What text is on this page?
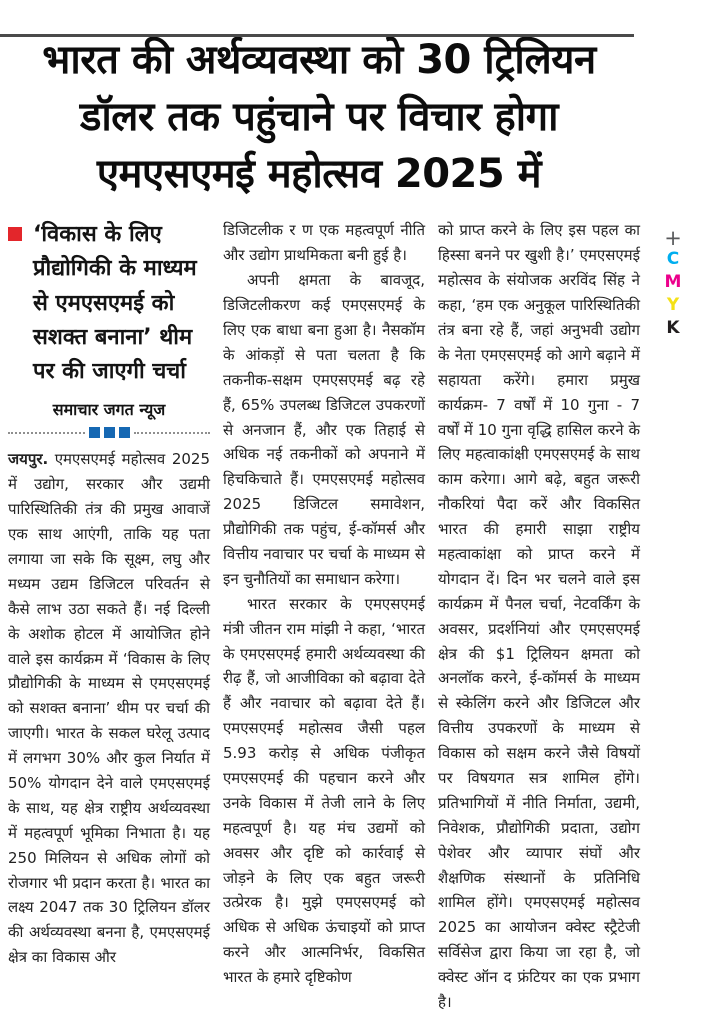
भारत की अर्थव्यवस्था को 30 ट्रिलियन
डॉलर तक पहुंचाने पर विचार होगा
एमएसएमई महोत्सव 2025 में
‘विकास के लिए प्रौद्योगिकी के माध्यम से एमएसएमई को सशक्त बनाना’ थीम पर की जाएगी चर्चा
समाचार जगत न्यूज

जयपुर. एमएसएमई महोत्सव 2025 में उद्योग, सरकार और उद्यमी पारिस्थितिकी तंत्र की प्रमुख आवाजें एक साथ आएंगी, ताकि यह पता लगाया जा सके कि सूक्ष्म, लघु और मध्यम उद्यम डिजिटल परिवर्तन से कैसे लाभ उठा सकते हैं। नई दिल्ली के अशोक होटल में आयोजित होने वाले इस कार्यक्रम में ‘विकास के लिए प्रौद्योगिकी के माध्यम से एमएसएमई को सशक्त बनाना’ थीम पर चर्चा की जाएगी। भारत के सकल घरेलू उत्पाद में लगभग 30% और कुल निर्यात में 50% योगदान देने वाले एमएसएमई के साथ, यह क्षेत्र राष्ट्रीय अर्थव्यवस्था में महत्वपूर्ण भूमिका निभाता है। यह 250 मिलियन से अधिक लोगों को रोजगार भी प्रदान करता है। भारत का लक्ष्य 2047 तक 30 ट्रिलियन डॉलर की अर्थव्यवस्था बनना है, एमएसएमई क्षेत्र का विकास और

डिजिटलीक र ण एक महत्वपूर्ण नीति और उद्योग प्राथमिकता बनी हुई है।

अपनी क्षमता के बावजूद, डिजिटलीकरण कई एमएसएमई के लिए एक बाधा बना हुआ है। नैसकॉम के आंकड़ों से पता चलता है कि तकनीक-सक्षम एमएसएमई बढ़ रहे हैं, 65% उपलब्ध डिजिटल उपकरणों से अनजान हैं, और एक तिहाई से अधिक नई तकनीकों को अपनाने में हिचकिचाते हैं। एमएसएमई महोत्सव 2025 डिजिटल समावेशन, प्रौद्योगिकी तक पहुंच, ई-कॉमर्स और वित्तीय नवाचार पर चर्चा के माध्यम से इन चुनौतियों का समाधान करेगा।

भारत सरकार के एमएसएमई मंत्री जीतन राम मांझी ने कहा, ‘भारत के एमएसएमई हमारी अर्थव्यवस्था की रीढ़ हैं, जो आजीविका को बढ़ावा देते हैं और नवाचार को बढ़ावा देते हैं। एमएसएमई महोत्सव जैसी पहल 5.93 करोड़ से अधिक पंजीकृत एमएसएमई की पहचान करने और उनके विकास में तेजी लाने के लिए महत्वपूर्ण है। यह मंच उद्यमों को अवसर और दृष्टि को कार्रवाई से जोड़ने के लिए एक बहुत जरूरी उत्प्रेरक है। मुझे एमएसएमई को अधिक से अधिक ऊंचाइयों को प्राप्त करने और आत्मनिर्भर, विकसित भारत के हमारे दृष्टिकोण

को प्राप्त करने के लिए इस पहल का हिस्सा बनने पर खुशी है।’ एमएसएमई महोत्सव के संयोजक अरविंद सिंह ने कहा, ‘हम एक अनुकूल पारिस्थितिकी तंत्र बना रहे हैं, जहां अनुभवी उद्योग के नेता एमएसएमई को आगे बढ़ाने में सहायता करेंगे। हमारा प्रमुख कार्यक्रम- 7 वर्षों में 10 गुना - 7 वर्षों में 10 गुना वृद्धि हासिल करने के लिए महत्वाकांक्षी एमएसएमई के साथ काम करेगा। आगे बढ़े, बहुत जरूरी नौकरियां पैदा करें और विकसित भारत की हमारी साझा राष्ट्रीय महत्वाकांक्षा को प्राप्त करने में योगदान दें। दिन भर चलने वाले इस कार्यक्रम में पैनल चर्चा, नेटवर्किंग के अवसर, प्रदर्शनियां और एमएसएमई क्षेत्र की $1 ट्रिलियन क्षमता को अनलॉक करने, ई-कॉमर्स के माध्यम से स्केलिंग करने और डिजिटल और वित्तीय उपकरणों के माध्यम से विकास को सक्षम करने जैसे विषयों पर विषयगत सत्र शामिल होंगे। प्रतिभागियों में नीति निर्माता, उद्यमी, निवेशक, प्रौद्योगिकी प्रदाता, उद्योग पेशेवर और व्यापार संघों और शैक्षणिक संस्थानों के प्रतिनिधि शामिल होंगे। एमएसएमई महोत्सव 2025 का आयोजन क्वेस्ट स्ट्रैटेजी सर्विसेज द्वारा किया जा रहा है, जो क्वेस्ट ऑन द फ्रंटियर का एक प्रभाग है।

+
C
M
Y
K
